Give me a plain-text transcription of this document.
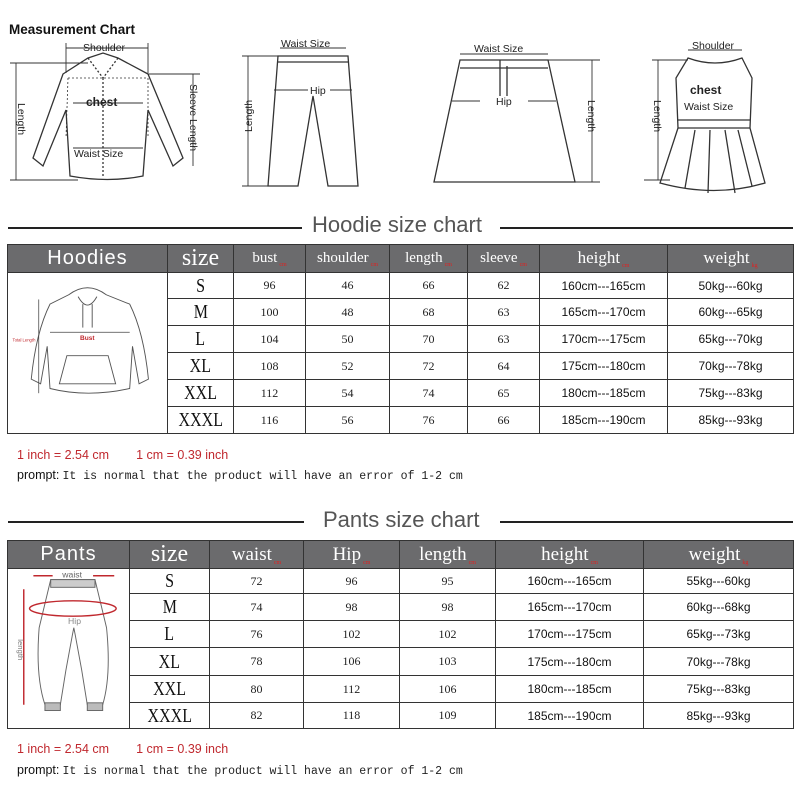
Measurement Chart
Shoulder
chest
Waist Size
Length	Sleeve Length
Waist Size
Hip
Length
Waist Size
Hip	Length
Shoulder
chest
Waist Size
Length
Hoodie size chart
Hoodies	size	bust $_{cm}$	shoulder $_{cm}$	length $_{cm}$	sleeve $_{cm}$	height $_{cm}$	weight $_{kg}$

Bust
Total Length	S	96	46	66	62	160cm---165cm	50kg---60kg
	M	100	48	68	63	165cm---170cm	60kg---65kg
	L	104	50	70	63	170cm---175cm	65kg---70kg
	XL	108	52	72	64	175cm---180cm	70kg---78kg
	XXL	112	54	74	65	180cm---185cm	75kg---83kg
	XXXL	116	56	76	66	185cm---190cm	85kg---93kg
1 inch = 2.54 cm 1 cm = 0.39 inch
prompt: It is normal that the product will have an error of 1-2 cm
Pants size chart
Pants	size	waist $_{cm}$	Hip $_{cm}$	length $_{cm}$	height $_{cm}$	weight $_{kg}$

waist
Hip
length	S	72	96	95	160cm---165cm	55kg---60kg
	M	74	98	98	165cm---170cm	60kg---68kg
	L	76	102	102	170cm---175cm	65kg---73kg
	XL	78	106	103	175cm---180cm	70kg---78kg
	XXL	80	112	106	180cm---185cm	75kg---83kg
	XXXL	82	118	109	185cm---190cm	85kg---93kg
1 inch = 2.54 cm 1 cm = 0.39 inch
prompt: It is normal that the product will have an error of 1-2 cm
